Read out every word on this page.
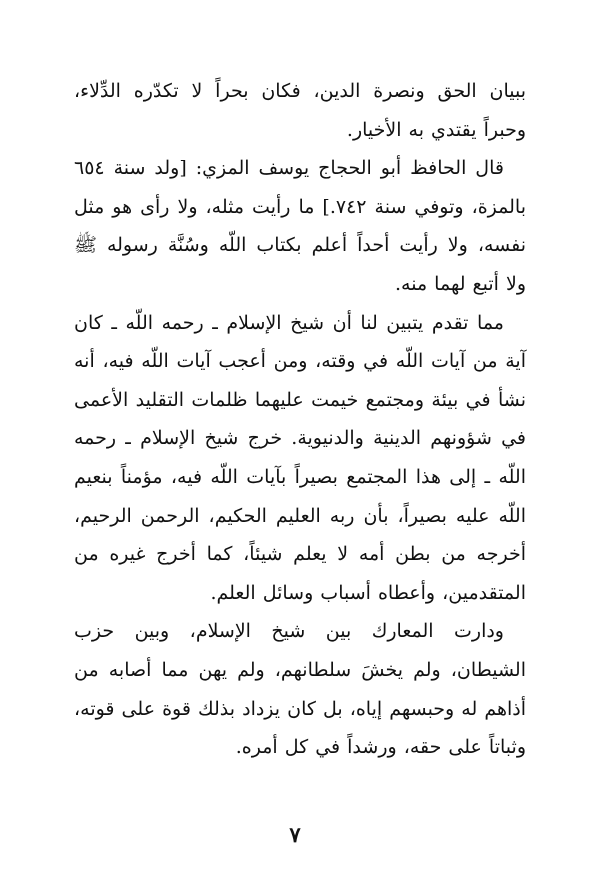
ببيان الحق ونصرة الدين، فكان بحراً لا تكدّره الدِّلاء، وحبراً يقتدي به الأخيار.

قال الحافظ أبو الحجاج يوسف المزي: [ولد سنة ٦٥٤ بالمزة، وتوفي سنة ٧٤٢.] ما رأيت مثله، ولا رأى هو مثل نفسه، ولا رأيت أحداً أعلم بكتاب اللّه وسُنَّة رسوله ﷺ ولا أتبع لهما منه.

مما تقدم يتبين لنا أن شيخ الإسلام ـ رحمه اللّه ـ كان آية من آيات اللّه في وقته، ومن أعجب آيات اللّه فيه، أنه نشأ في بيئة ومجتمع خيمت عليهما ظلمات التقليد الأعمى في شؤونهم الدينية والدنيوية. خرج شيخ الإسلام ـ رحمه اللّه ـ إلى هذا المجتمع بصيراً بآيات اللّه فيه، مؤمناً بنعيم اللّه عليه بصيراً، بأن ربه العليم الحكيم، الرحمن الرحيم، أخرجه من بطن أمه لا يعلم شيئاً، كما أخرج غيره من المتقدمين، وأعطاه أسباب وسائل العلم.

ودارت المعارك بين شيخ الإسلام، وبين حزب الشيطان، ولم يخشَ سلطانهم، ولم يهن مما أصابه من أذاهم له وحبسهم إياه، بل كان يزداد بذلك قوة على قوته، وثباتاً على حقه، ورشداً في كل أمره.

٧
